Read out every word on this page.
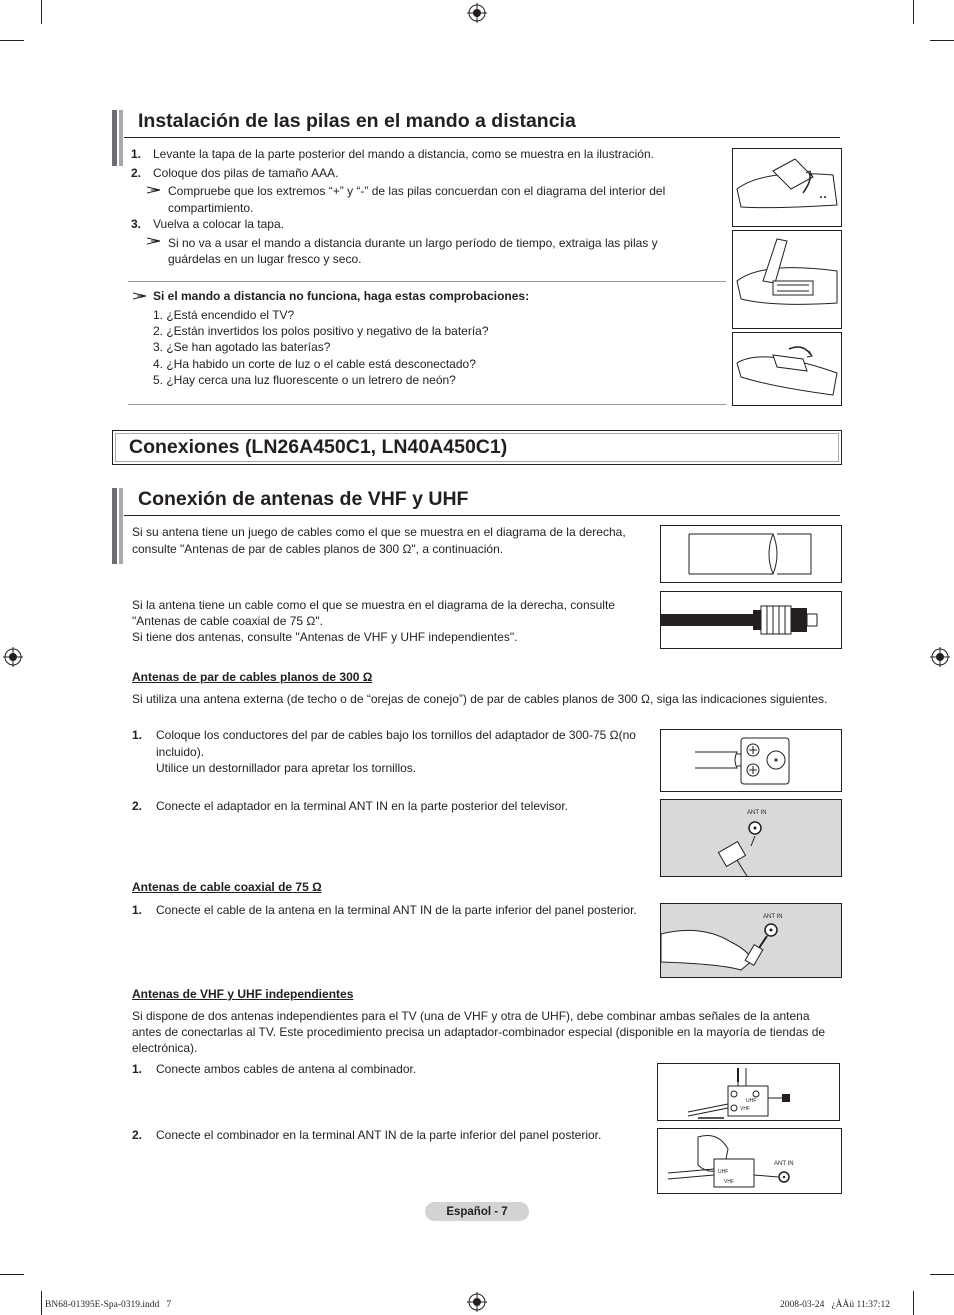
Instalación de las pilas en el mando a distancia
1. Levante la tapa de la parte posterior del mando a distancia, como se muestra en la ilustración.
2. Coloque dos pilas de tamaño AAA.
Compruebe que los extremos “+” y “-” de las pilas concuerdan con el diagrama del interior del
compartimiento.
3. Vuelva a colocar la tapa.
Si no va a usar el mando a distancia durante un largo período de tiempo, extraiga las pilas y
guárdelas en un lugar fresco y seco.
Si el mando a distancia no funciona, haga estas comprobaciones:
1. ¿Está encendido el TV?
2. ¿Están invertidos los polos positivo y negativo de la batería?
3. ¿Se han agotado las baterías?
4. ¿Ha habido un corte de luz o el cable está desconectado?
5. ¿Hay cerca una luz fluorescente o un letrero de neón?
Conexiones (LN26A450C1, LN40A450C1)
Conexión de antenas de VHF y UHF
Si su antena tiene un juego de cables como el que se muestra en el diagrama de la derecha,
consulte "Antenas de par de cables planos de 300 Ω", a continuación.
Si la antena tiene un cable como el que se muestra en el diagrama de la derecha, consulte
"Antenas de cable coaxial de 75 Ω".
Si tiene dos antenas, consulte "Antenas de VHF y UHF independientes".
Antenas de par de cables planos de 300 Ω
Si utiliza una antena externa (de techo o de “orejas de conejo”) de par de cables planos de 300 Ω, siga las indicaciones siguientes.
1. Coloque los conductores del par de cables bajo los tornillos del adaptador de 300-75 Ω(no
incluido).
Utilice un destornillador para apretar los tornillos.
2. Conecte el adaptador en la terminal ANT IN en la parte posterior del televisor.	ANT IN
Antenas de cable coaxial de 75 Ω
1. Conecte el cable de la antena en la terminal ANT IN de la parte inferior del panel posterior.	ANT IN
Antenas de VHF y UHF independientes
Si dispone de dos antenas independientes para el TV (una de VHF y otra de UHF), debe combinar ambas señales de la antena
antes de conectarlas al TV. Este procedimiento precisa un adaptador-combinador especial (disponible en la mayoría de tiendas de
electrónica).
1. Conecte ambos cables de antena al combinador.
UHF
VHF
2. Conecte el combinador en la terminal ANT IN de la parte inferior del panel posterior.
UHF
VHF
ANT IN
Español - 7
BN68-01395E-Spa-0319.indd   7	2008-03-24   ¿ÀÀü 11:37:12
